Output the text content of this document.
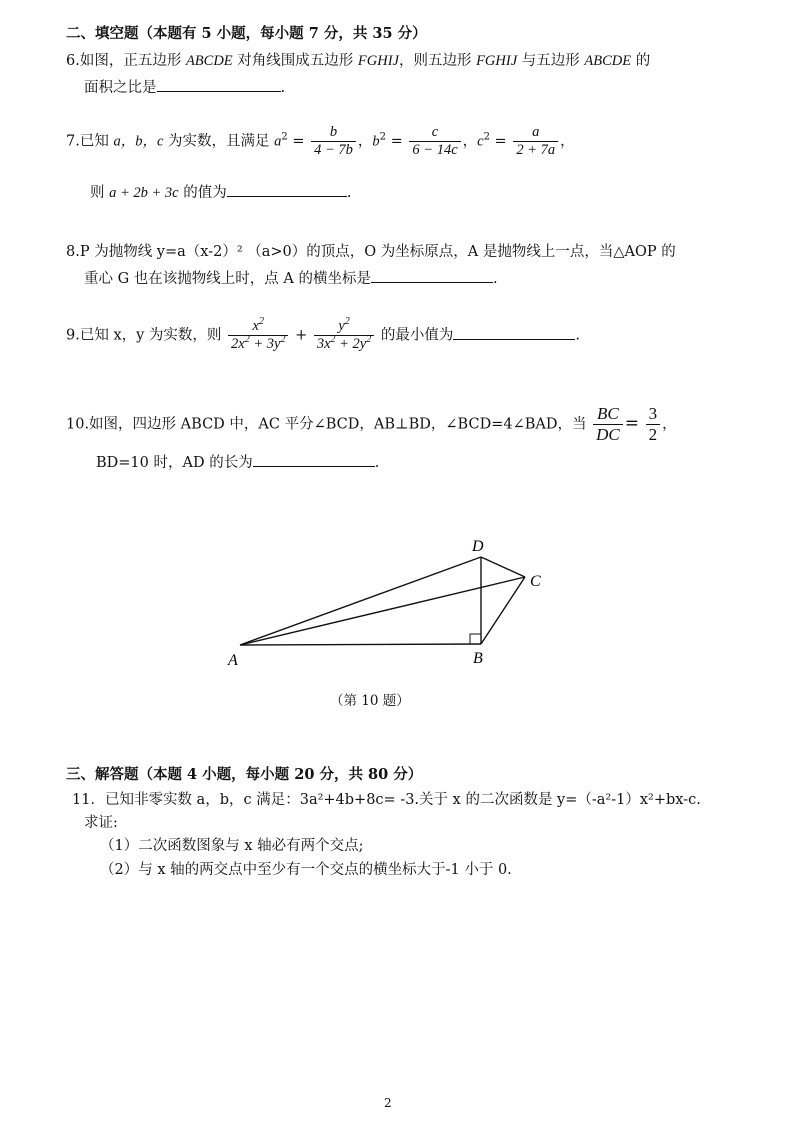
二、填空题（本题有 5 小题，每小题 7 分，共 35 分）
6.如图，正五边形 ABCDE 对角线围成五边形 FGHIJ，则五边形 FGHIJ 与五边形 ABCDE 的
面积之比是	.
7.已知 a，b，c 为实数，且满足 $a^2 = \frac{b}{4 - 7b}$ ，$b^2 = \frac{c}{6 - 14c}$ ，$c^2 = \frac{a}{2 + 7a}$ ，
则 a + 2b + 3c 的值为	.
8.P 为抛物线 y=a（x-2）² （a>0）的顶点，O 为坐标原点，A 是抛物线上一点，当△AOP 的
重心 G 也在该抛物线上时，点 A 的横坐标是	.
9.已知 x，y 为实数，则 $\frac{x^2}{2x^2 + 3y^2} + \frac{y^2}{3x^2 + 2y^2}$ 的最小值为	.
10.如图，四边形 ABCD 中，AC 平分∠BCD，AB⊥BD，∠BCD=4∠BAD，当 $\frac{BC}{DC} = \frac{3}{2}$ ，
BD=10 时，AD 的长为	.
D
C
A	B
（第 10 题）
三、解答题（本题 4 小题，每小题 20 分，共 80 分）
11．已知非零实数 a，b，c 满足：3a²+4b+8c= -3.关于 x 的二次函数是 y=（-a²-1）x²+bx-c.
求证:
（1）二次函数图象与 x 轴必有两个交点;
（2）与 x 轴的两交点中至少有一个交点的横坐标大于-1 小于 0.
2
